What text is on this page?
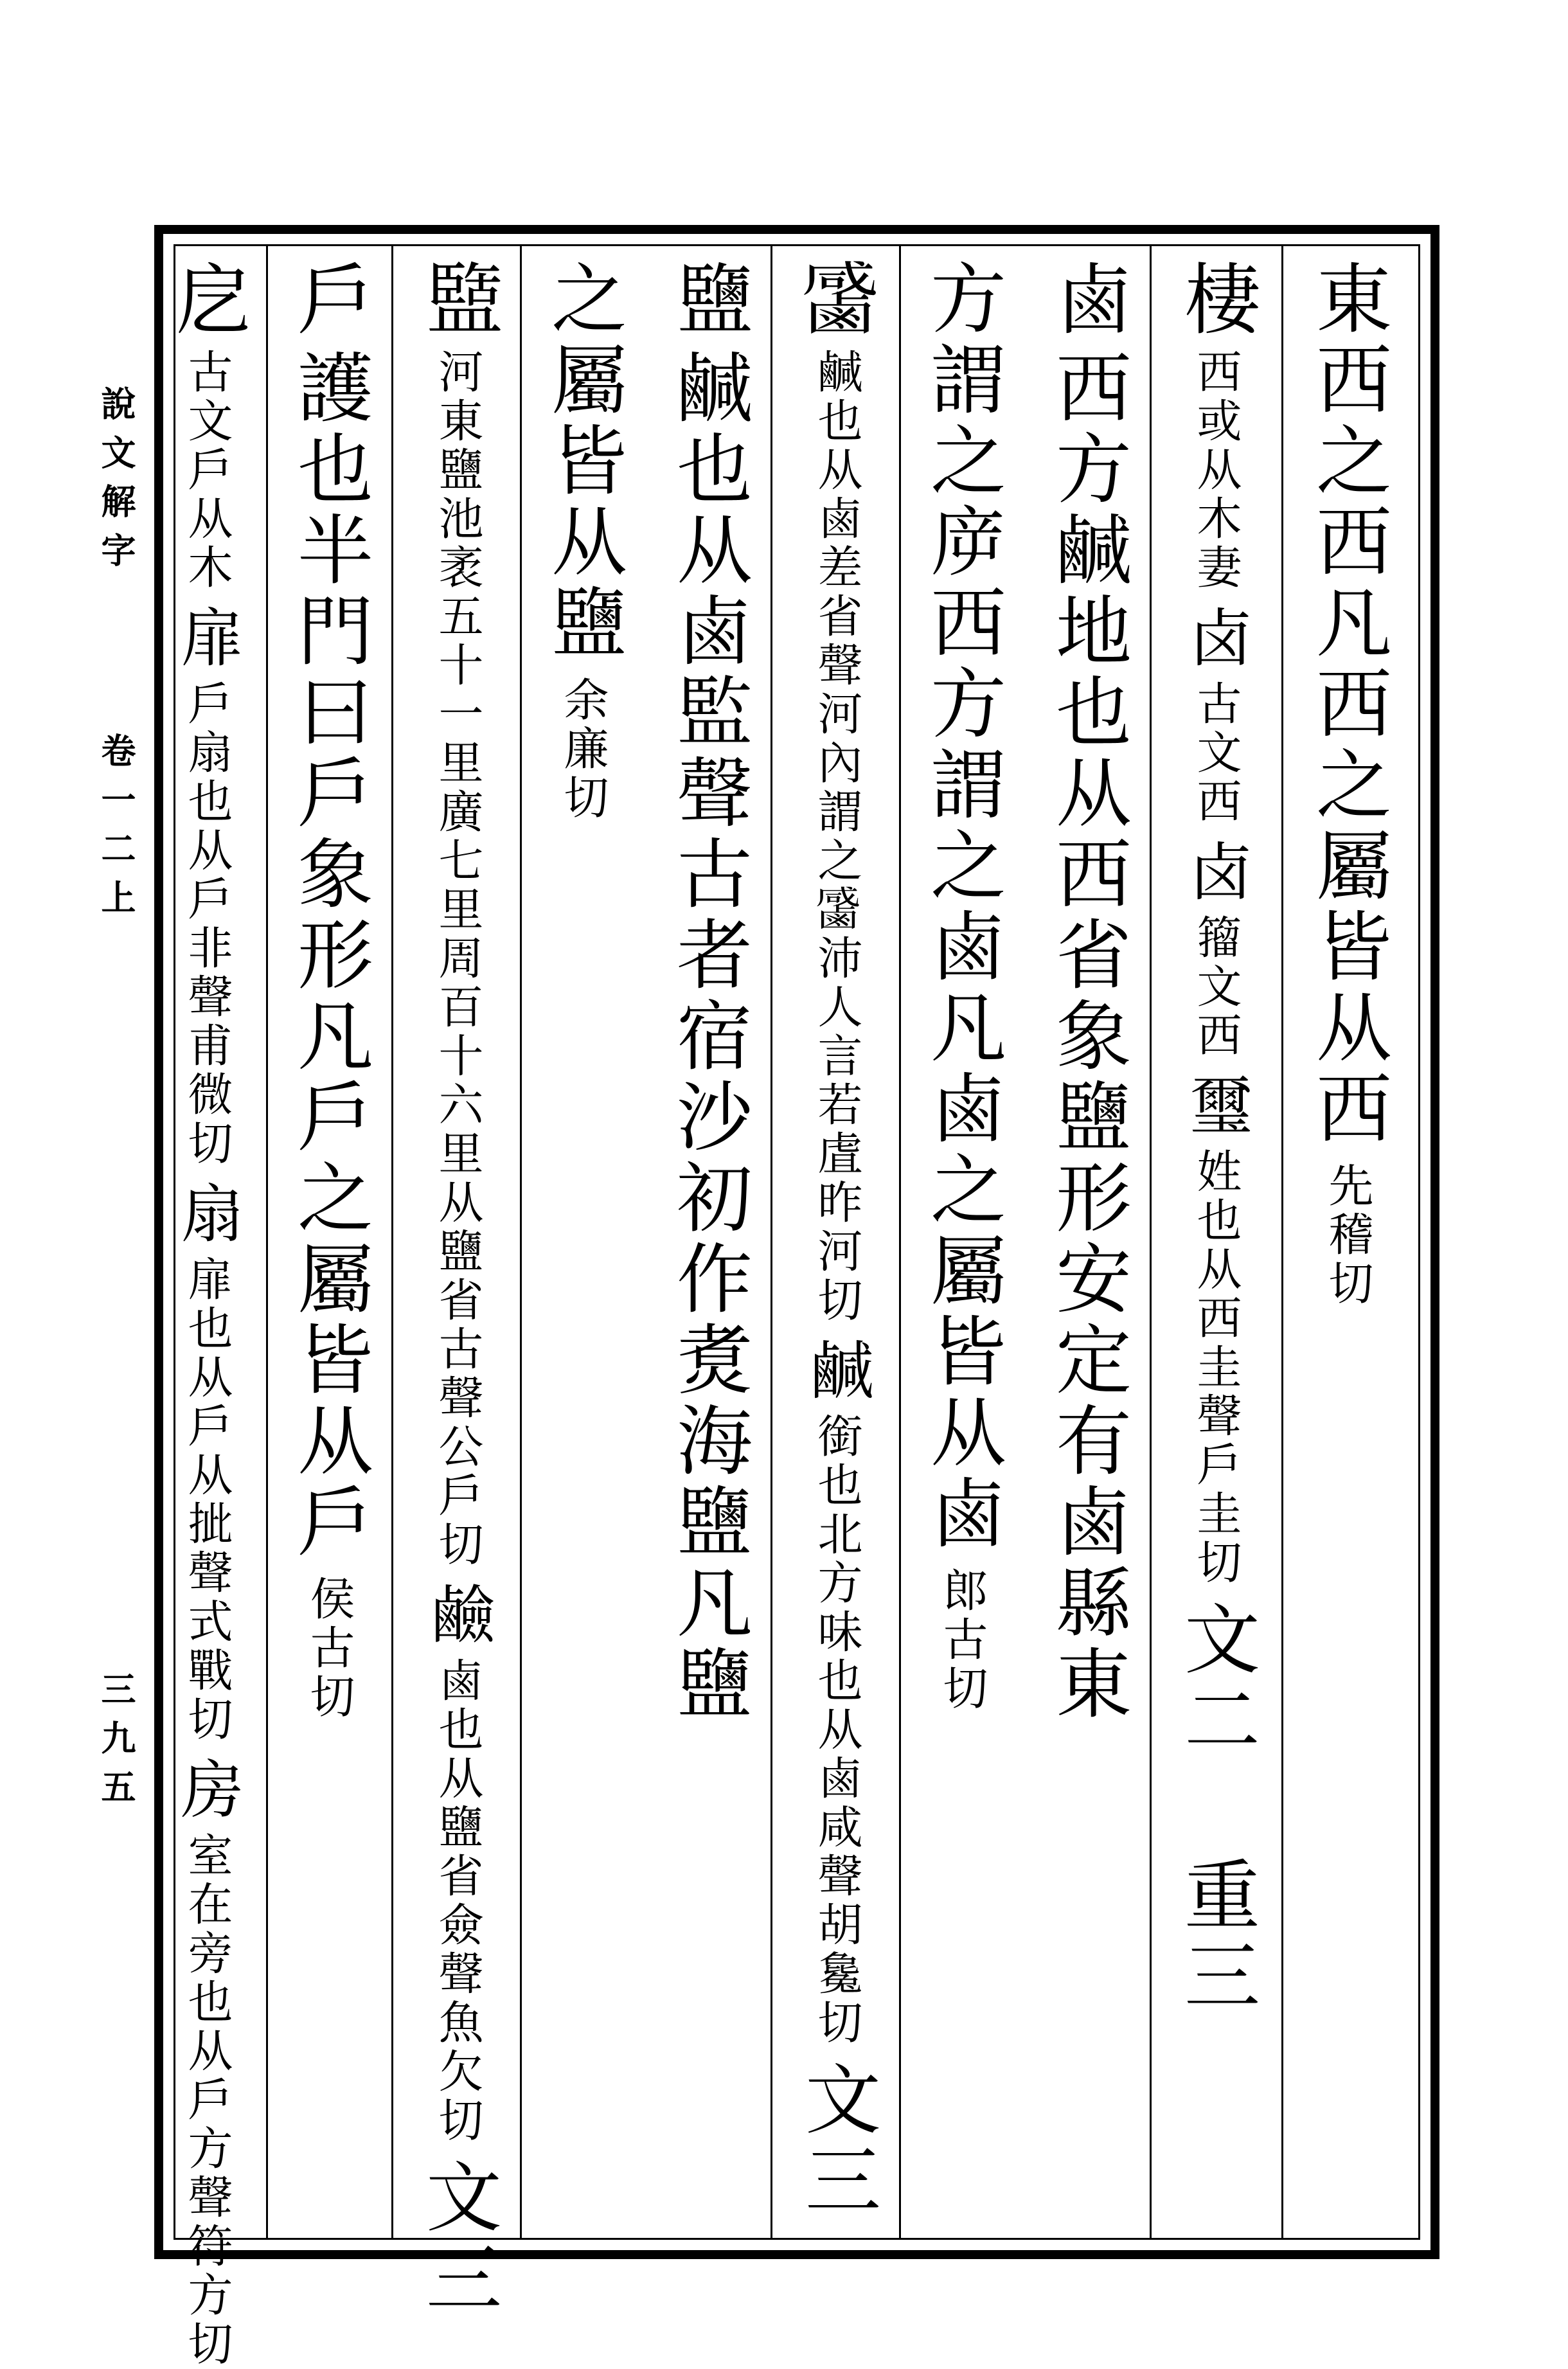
說文解字
卷一二上
三九五
東西之西凡西之屬皆从西 先稽切
棲 西或从木妻 卤 古文西 卤 籀文西 璽 姓也从西圭聲戶圭切 文二 重三
鹵 西方鹹地也从西省象鹽形安定有鹵縣東
方謂之㡿西方謂之鹵凡鹵之屬皆从鹵 郎古切
𪉳 鹹也从鹵差省聲河內謂之𪉳沛人言若虘昨河切 鹹 銜也北方味也从鹵咸聲胡毚切 文三
鹽 鹹也从鹵監聲古者宿沙初作煑海鹽凡鹽
之屬皆从鹽 余廉切
盬 河東鹽池袤五十一里廣七里周百十六里从鹽省古聲公戶切 鹼 鹵也从鹽省僉聲魚欠切 文三
戶 護也半門曰戶象形凡戶之屬皆从戶 侯古切
戹 古文戶从木 扉 戶扇也从戶非聲甫微切 扇 扉也从戶从㧗聲式戰切 房 室在旁也从戶方聲符方切
